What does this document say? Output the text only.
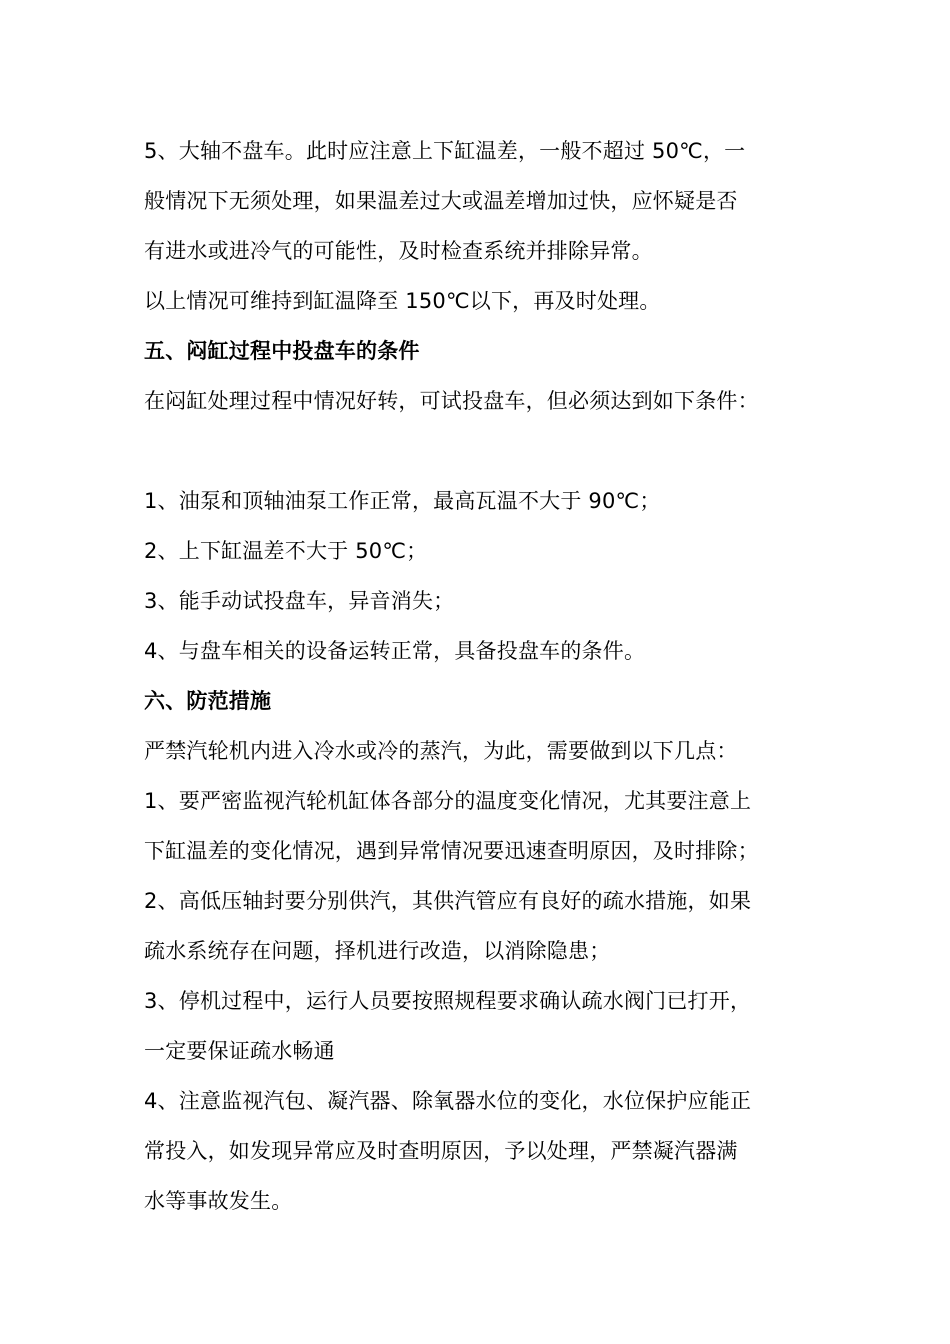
5、大轴不盘车。此时应注意上下缸温差，一般不超过 50℃，一
般情况下无须处理，如果温差过大或温差增加过快，应怀疑是否
有进水或进冷气的可能性，及时检查系统并排除异常。
以上情况可维持到缸温降至 150℃以下，再及时处理。
五、闷缸过程中投盘车的条件
在闷缸处理过程中情况好转，可试投盘车，但必须达到如下条件：
1、油泵和顶轴油泵工作正常，最高瓦温不大于 90℃；
2、上下缸温差不大于 50℃；
3、能手动试投盘车，异音消失；
4、与盘车相关的设备运转正常，具备投盘车的条件。
六、防范措施
严禁汽轮机内进入冷水或冷的蒸汽，为此，需要做到以下几点：
1、要严密监视汽轮机缸体各部分的温度变化情况，尤其要注意上
下缸温差的变化情况，遇到异常情况要迅速查明原因，及时排除；
2、高低压轴封要分别供汽，其供汽管应有良好的疏水措施，如果
疏水系统存在问题，择机进行改造，以消除隐患；
3、停机过程中，运行人员要按照规程要求确认疏水阀门已打开，
一定要保证疏水畅通
4、注意监视汽包、凝汽器、除氧器水位的变化，水位保护应能正
常投入，如发现异常应及时查明原因，予以处理，严禁凝汽器满
水等事故发生。
